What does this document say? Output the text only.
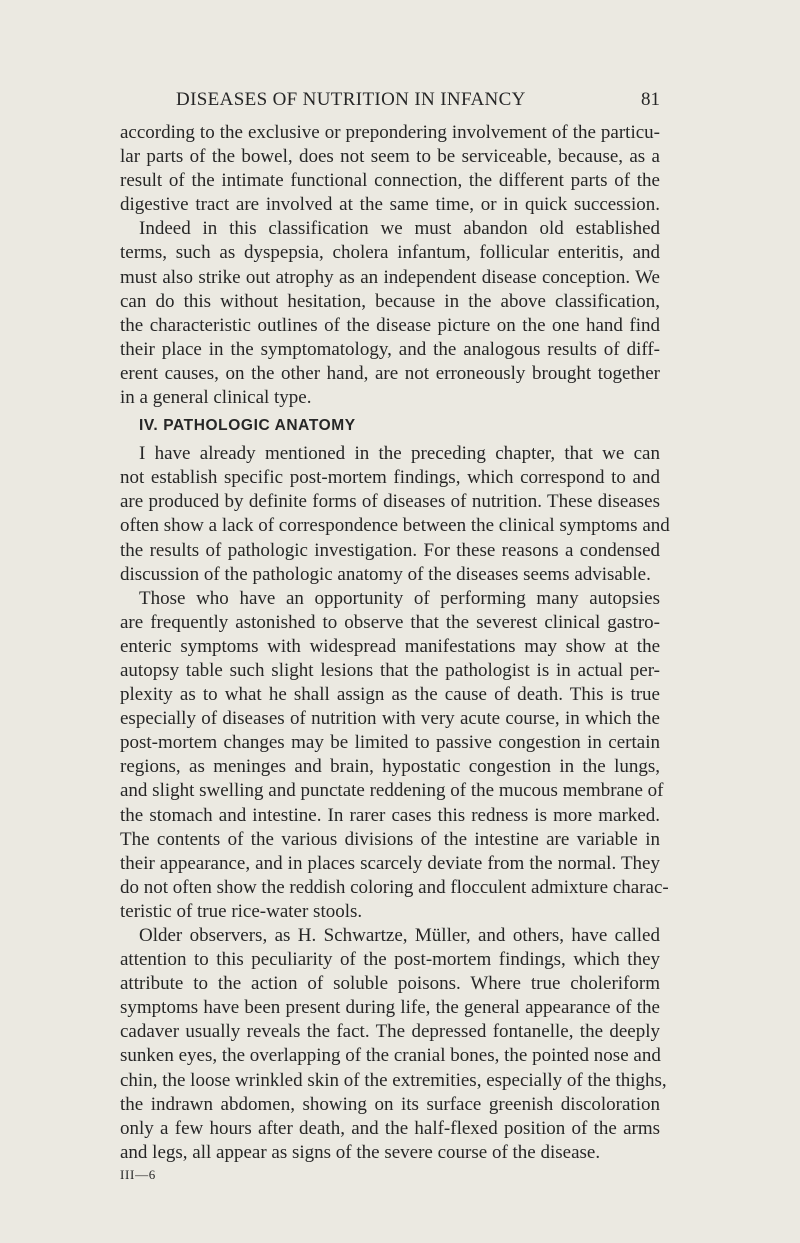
DISEASES OF NUTRITION IN INFANCY	81
according to the exclusive or prepondering involvement of the particu-
lar parts of the bowel, does not seem to be serviceable, because, as a
result of the intimate functional connection, the different parts of the
digestive tract are involved at the same time, or in quick succession.
Indeed in this classification we must abandon old established
terms, such as dyspepsia, cholera infantum, follicular enteritis, and
must also strike out atrophy as an independent disease conception. We
can do this without hesitation, because in the above classification,
the characteristic outlines of the disease picture on the one hand find
their place in the symptomatology, and the analogous results of diff-
erent causes, on the other hand, are not erroneously brought together
in a general clinical type.
IV. PATHOLOGIC ANATOMY
I have already mentioned in the preceding chapter, that we can
not establish specific post-mortem findings, which correspond to and
are produced by definite forms of diseases of nutrition. These diseases
often show a lack of correspondence between the clinical symptoms and
the results of pathologic investigation. For these reasons a condensed
discussion of the pathologic anatomy of the diseases seems advisable.
Those who have an opportunity of performing many autopsies
are frequently astonished to observe that the severest clinical gastro-
enteric symptoms with widespread manifestations may show at the
autopsy table such slight lesions that the pathologist is in actual per-
plexity as to what he shall assign as the cause of death. This is true
especially of diseases of nutrition with very acute course, in which the
post-mortem changes may be limited to passive congestion in certain
regions, as meninges and brain, hypostatic congestion in the lungs,
and slight swelling and punctate reddening of the mucous membrane of
the stomach and intestine. In rarer cases this redness is more marked.
The contents of the various divisions of the intestine are variable in
their appearance, and in places scarcely deviate from the normal. They
do not often show the reddish coloring and flocculent admixture charac-
teristic of true rice-water stools.
Older observers, as H. Schwartze, Müller, and others, have called
attention to this peculiarity of the post-mortem findings, which they
attribute to the action of soluble poisons. Where true choleriform
symptoms have been present during life, the general appearance of the
cadaver usually reveals the fact. The depressed fontanelle, the deeply
sunken eyes, the overlapping of the cranial bones, the pointed nose and
chin, the loose wrinkled skin of the extremities, especially of the thighs,
the indrawn abdomen, showing on its surface greenish discoloration
only a few hours after death, and the half-flexed position of the arms
and legs, all appear as signs of the severe course of the disease.
III—6
